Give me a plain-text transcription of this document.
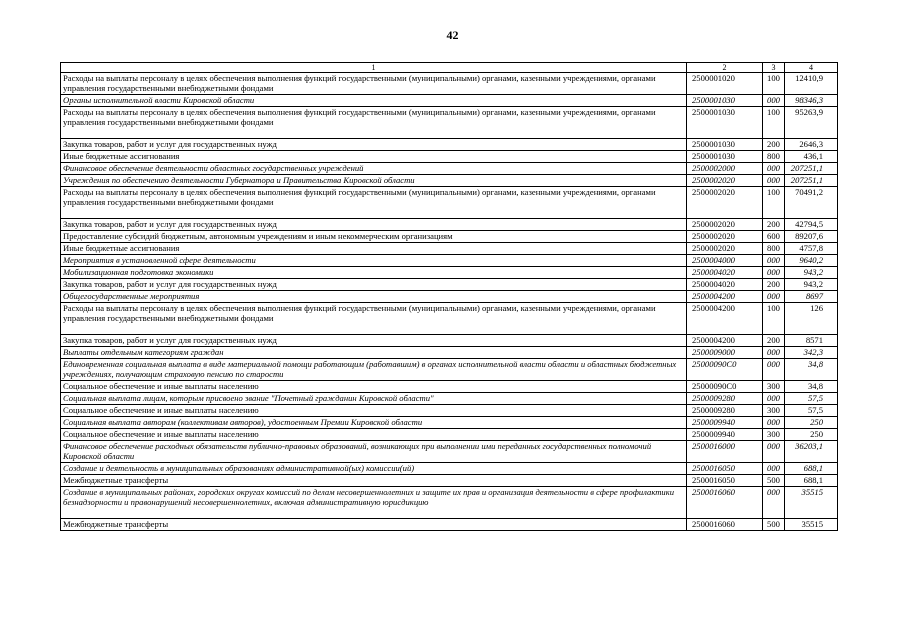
42
1	2	3	4
Расходы на выплаты персоналу в целях обеспечения выполнения функций государственными (муниципальными) органами, казенными учреждениями, органами управления государственными внебюджетными фондами	2500001020	100	12410,9
Органы исполнительной власти Кировской области	2500001030	000	98346,3
Расходы на выплаты персоналу в целях обеспечения выполнения функций государственными (муниципальными) органами, казенными учреждениями, органами управления государственными внебюджетными фондами	2500001030	100	95263,9
Закупка товаров, работ и услуг для государственных нужд	2500001030	200	2646,3
Иные бюджетные ассигнования	2500001030	800	436,1
Финансовое обеспечение деятельности областных государственных учреждений	2500002000	000	207251,1
Учреждения по обеспечению деятельности Губернатора и Правительства Кировской области	2500002020	000	207251,1
Расходы на выплаты персоналу в целях обеспечения выполнения функций государственными (муниципальными) органами, казенными учреждениями, органами управления государственными внебюджетными фондами	2500002020	100	70491,2
Закупка товаров, работ и услуг для государственных нужд	2500002020	200	42794,5
Предоставление субсидий бюджетным, автономным учреждениям и иным некоммерческим организациям	2500002020	600	89207,6
Иные бюджетные ассигнования	2500002020	800	4757,8
Мероприятия в установленной сфере деятельности	2500004000	000	9640,2
Мобилизационная подготовка экономики	2500004020	000	943,2
Закупка товаров, работ и услуг для государственных нужд	2500004020	200	943,2
Общегосударственные мероприятия	2500004200	000	8697
Расходы на выплаты персоналу в целях обеспечения выполнения функций государственными (муниципальными) органами, казенными учреждениями, органами управления государственными внебюджетными фондами	2500004200	100	126
Закупка товаров, работ и услуг для государственных нужд	2500004200	200	8571
Выплаты отдельным категориям граждан	2500009000	000	342,3
Единовременная социальная выплата в виде материальной помощи работающим (работавшим) в органах исполнительной власти области и областных бюджетных учреждениях, получающим страховую пенсию по старости	25000090С0	000	34,8
Социальное обеспечение и иные выплаты населению	25000090С0	300	34,8
Социальная выплата лицам, которым присвоено звание "Почетный гражданин Кировской области"	2500009280	000	57,5
Социальное обеспечение и иные выплаты населению	2500009280	300	57,5
Социальная выплата авторам (коллективам авторов), удостоенным Премии Кировской области	2500009940	000	250
Социальное обеспечение и иные выплаты населению	2500009940	300	250
Финансовое обеспечение расходных обязательств публично-правовых образований, возникающих при выполнении ими переданных государственных полномочий Кировской области	2500016000	000	36203,1
Создание и деятельность в муниципальных образованиях административной(ых) комиссии(ий)	2500016050	000	688,1
Межбюджетные трансферты	2500016050	500	688,1
Создание в муниципальных районах, городских округах комиссий по делам несовершеннолетних и защите их прав и организация деятельности в сфере профилактики безнадзорности и правонарушений несовершеннолетних, включая административную юрисдикцию	2500016060	000	35515
Межбюджетные трансферты	2500016060	500	35515
